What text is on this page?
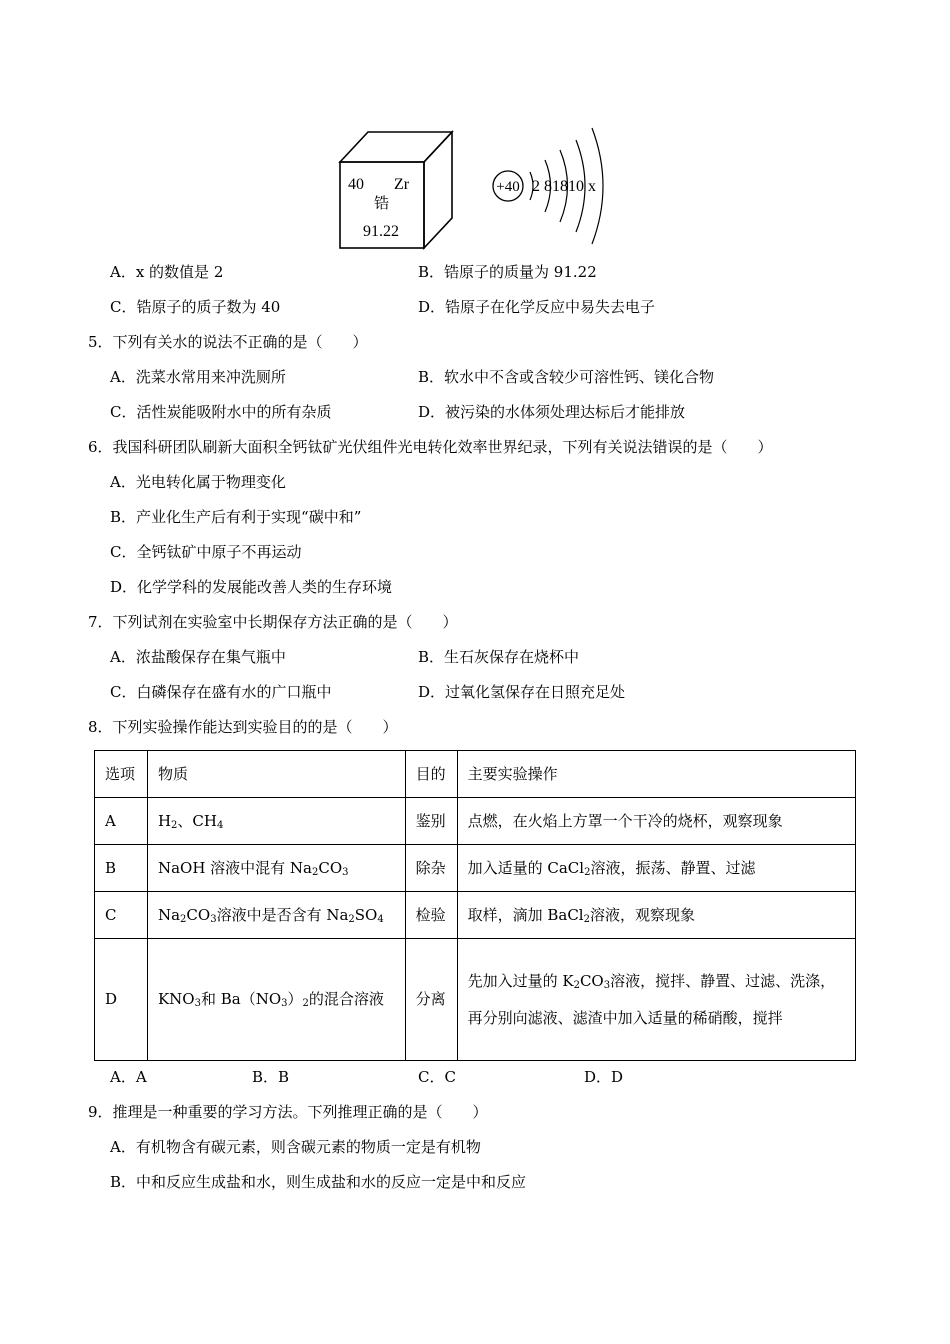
40 Zr
锆
91.22
+40 2 81810 x
A．x 的数值是 2	B．锆原子的质量为 91.22
C．锆原子的质子数为 40	D．锆原子在化学反应中易失去电子
5．下列有关水的说法不正确的是（　　）
A．洗菜水常用来冲洗厕所	B．软水中不含或含较少可溶性钙、镁化合物
C．活性炭能吸附水中的所有杂质	D．被污染的水体须处理达标后才能排放
6．我国科研团队刷新大面积全钙钛矿光伏组件光电转化效率世界纪录，下列有关说法错误的是（　　）
A．光电转化属于物理变化
B．产业化生产后有利于实现“碳中和”
C．全钙钛矿中原子不再运动
D．化学学科的发展能改善人类的生存环境
7．下列试剂在实验室中长期保存方法正确的是（　　）
A．浓盐酸保存在集气瓶中	B．生石灰保存在烧杯中
C．白磷保存在盛有水的广口瓶中	D．过氧化氢保存在日照充足处
8．下列实验操作能达到实验目的的是（　　）
选项	物质	目的	主要实验操作
A	$H_2$、$CH_4$	鉴别	点燃，在火焰上方罩一个干冷的烧杯，观察现象
B	NaOH 溶液中混有 $Na_2CO_3$	除杂	加入适量的 CaCl$_2$溶液，振荡、静置、过滤
C	$Na_2CO_3$溶液中是否含有 $Na_2SO_4$	检验	取样，滴加 BaCl$_2$溶液，观察现象
D	$KNO_3$和 $Ba(NO_3)_2$的混合溶液	分离	先加入过量的 $K_2CO_3$溶液，搅拌、静置、过滤、洗涤，再分别向滤液、滤渣中加入适量的稀硝酸，搅拌
A．A	B．B	C．C	D．D
9．推理是一种重要的学习方法。下列推理正确的是（　　）
A．有机物含有碳元素，则含碳元素的物质一定是有机物
B．中和反应生成盐和水，则生成盐和水的反应一定是中和反应
